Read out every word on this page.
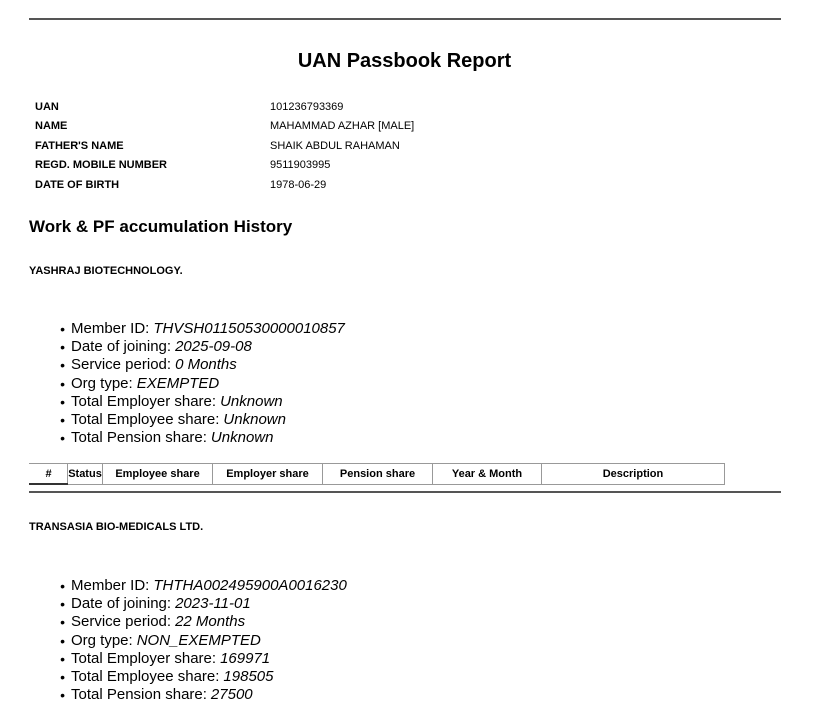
UAN Passbook Report
UAN	101236793369
NAME	MAHAMMAD AZHAR [MALE]
FATHER'S NAME	SHAIK ABDUL RAHAMAN
REGD. MOBILE NUMBER	9511903995
DATE OF BIRTH	1978-06-29
Work & PF accumulation History
YASHRAJ BIOTECHNOLOGY.
• Member ID: THVSH01150530000010857
• Date of joining: 2025-09-08
• Service period: 0 Months
• Org type: EXEMPTED
• Total Employer share: Unknown
• Total Employee share: Unknown
• Total Pension share: Unknown
#	Status	Employee share	Employer share	Pension share	Year & Month	Description
TRANSASIA BIO-MEDICALS LTD.
• Member ID: THTHA002495900A0016230
• Date of joining: 2023-11-01
• Service period: 22 Months
• Org type: NON_EXEMPTED
• Total Employer share: 169971
• Total Employee share: 198505
• Total Pension share: 27500
